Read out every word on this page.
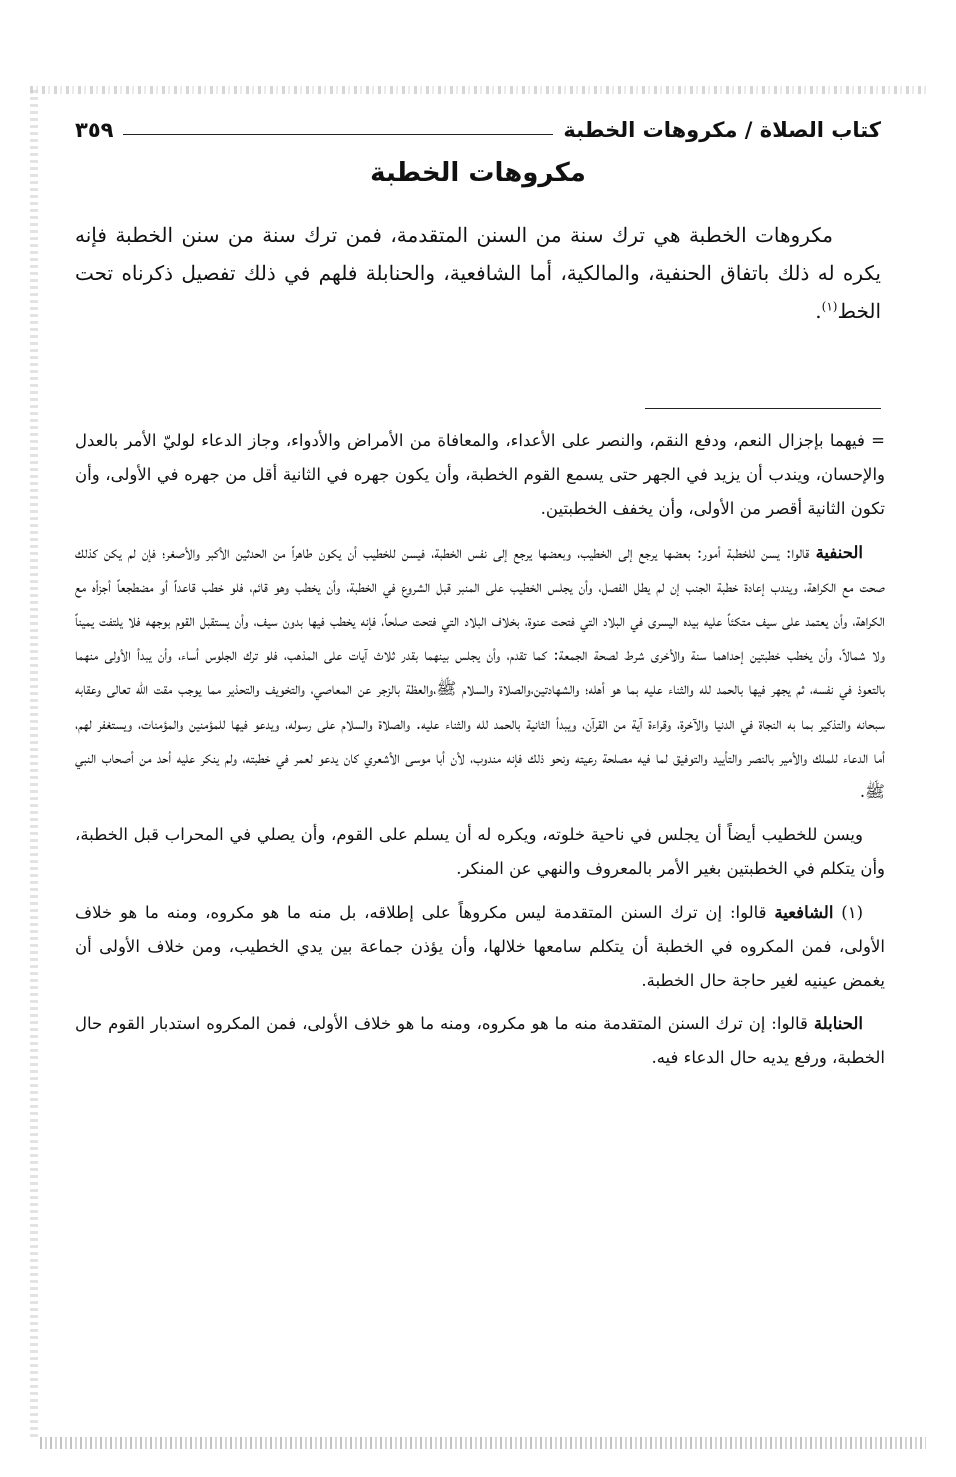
كتاب الصلاة / مكروهات الخطبة
٣٥٩
مكروهات الخطبة

مكروهات الخطبة هي ترك سنة من السنن المتقدمة، فمن ترك سنة من سنن الخطبة فإنه يكره له ذلك باتفاق الحنفية، والمالكية، أما الشافعية، والحنابلة فلهم في ذلك تفصيل ذكرناه تحت الخط$^{(١)}$.

= فيهما بإجزال النعم، ودفع النقم، والنصر على الأعداء، والمعافاة من الأمراض والأدواء، وجاز الدعاء لوليّ الأمر بالعدل والإحسان، ويندب أن يزيد في الجهر حتى يسمع القوم الخطبة، وأن يكون جهره في الثانية أقل من جهره في الأولى، وأن تكون الثانية أقصر من الأولى، وأن يخفف الخطبتين.

الحنفية قالوا: يسن للخطبة أمور: بعضها يرجع إلى الخطيب، وبعضها يرجع إلى نفس الخطبة، فيسن للخطيب أن يكون طاهراً من الحدثين الأكبر والأصغر؛ فإن لم يكن كذلك صحت مع الكراهة، ويندب إعادة خطبة الجنب إن لم يطل الفصل، وأن يجلس الخطيب على المنبر قبل الشروع في الخطبة، وأن يخطب وهو قائم، فلو خطب قاعداً أو مضطجعاً أجزأه مع الكراهة، وأن يعتمد على سيف متكئاً عليه بيده اليسرى في البلاد التي فتحت عنوة، بخلاف البلاد التي فتحت صلحاً، فإنه يخطب فيها بدون سيف، وأن يستقبل القوم بوجهه فلا يلتفت يميناً ولا شمالاً، وأن يخطب خطبتين إحداهما سنة والأخرى شرط لصحة الجمعة: كما تقدم، وأن يجلس بينهما بقدر ثلاث آيات على المذهب، فلو ترك الجلوس أساء، وأن يبدأ الأولى منهما بالتعوذ في نفسه، ثم يجهر فيها بالحمد لله والثناء عليه بما هو أهله؛ والشهادتين،والصلاة والسلام ﷺ،والعظة بالزجر عن المعاصي، والتخويف والتحذير مما يوجب مقت الله تعالى وعقابه سبحانه والتذكير بما به النجاة في الدنيا والآخرة، وقراءة آية من القرآن، ويبدأ الثانية بالحمد لله والثناء عليه. والصلاة والسلام على رسوله، ويدعو فيها للمؤمنين والمؤمنات، ويستغفر لهم، أما الدعاء للملك والأمير بالنصر والتأييد والتوفيق لما فيه مصلحة رعيته ونحو ذلك فإنه مندوب، لأن أبا موسى الأشعري كان يدعو لعمر في خطبته، ولم ينكر عليه أحد من أصحاب النبي ﷺ.

ويسن للخطيب أيضاً أن يجلس في ناحية خلوته، ويكره له أن يسلم على القوم، وأن يصلي في المحراب قبل الخطبة، وأن يتكلم في الخطبتين بغير الأمر بالمعروف والنهي عن المنكر.

(١) الشافعية قالوا: إن ترك السنن المتقدمة ليس مكروهاً على إطلاقه، بل منه ما هو مكروه، ومنه ما هو خلاف الأولى، فمن المكروه في الخطبة أن يتكلم سامعها خلالها، وأن يؤذن جماعة بين يدي الخطيب، ومن خلاف الأولى أن يغمض عينيه لغير حاجة حال الخطبة.

الحنابلة قالوا: إن ترك السنن المتقدمة منه ما هو مكروه، ومنه ما هو خلاف الأولى، فمن المكروه استدبار القوم حال الخطبة، ورفع يديه حال الدعاء فيه.
